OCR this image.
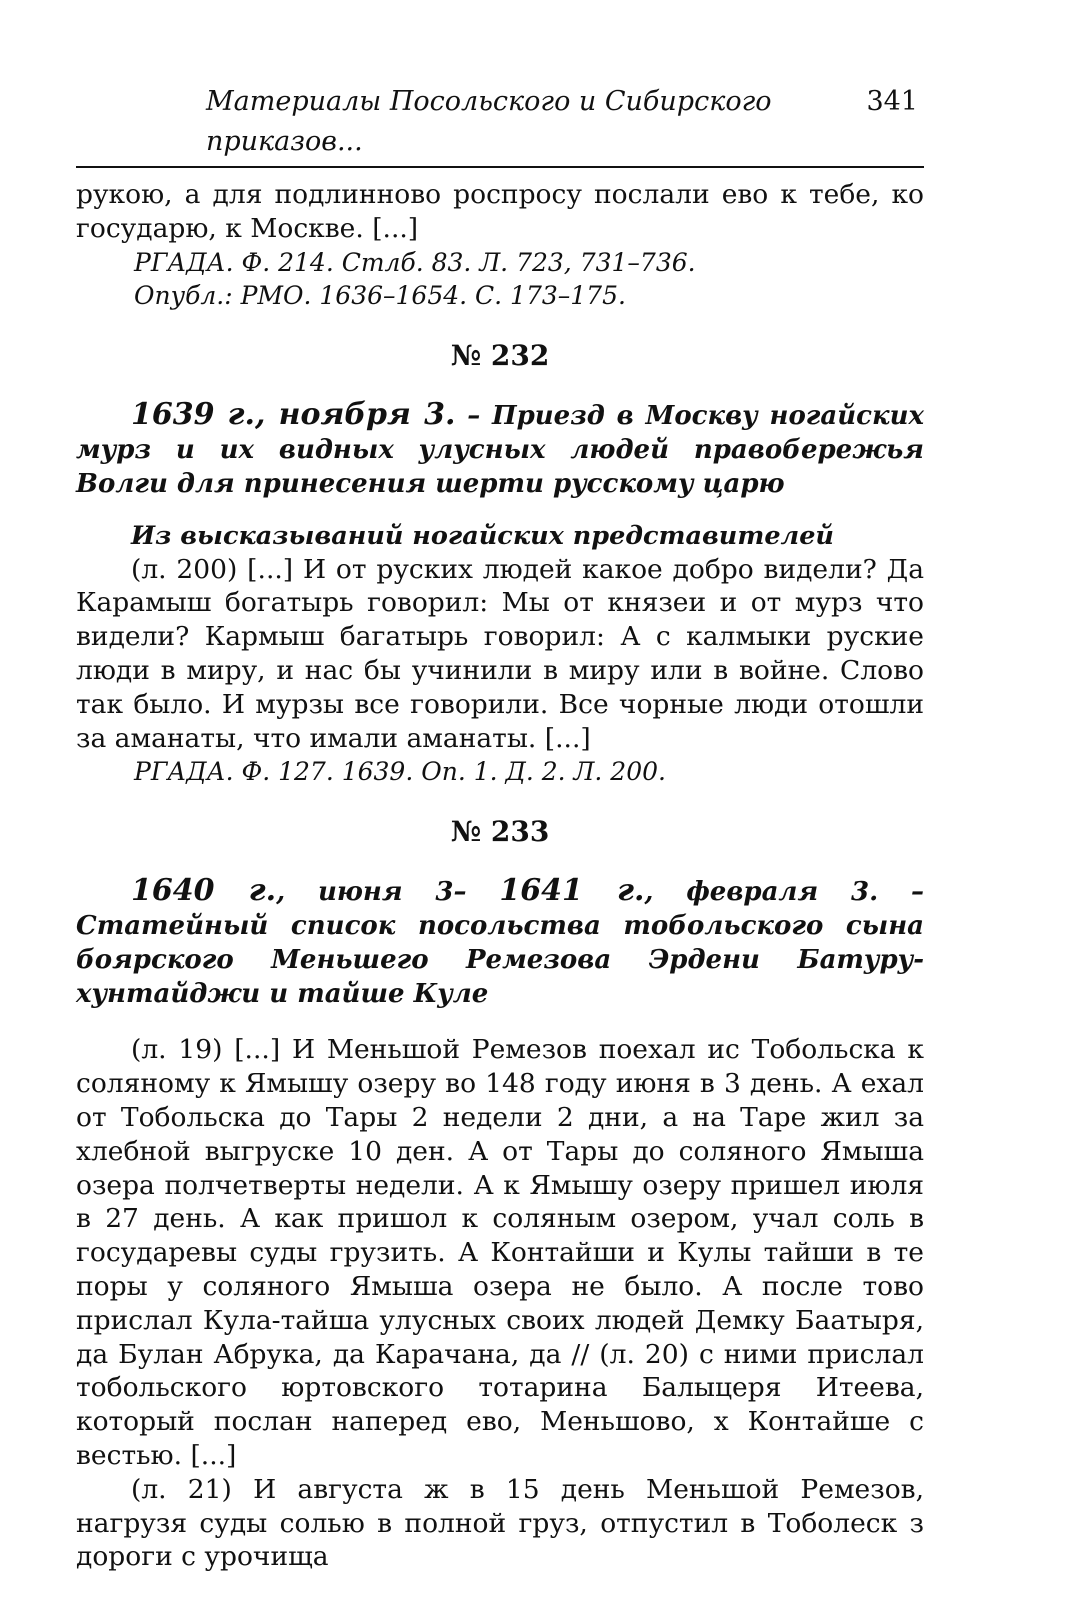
Материалы Посольского и Сибирского приказов...
341

рукою, а для подлинново роспросу послали ево к тебе, ко государю, к Москве. [...]

РГАДА. Ф. 214. Стлб. 83. Л. 723, 731–736.

Опубл.: РМО. 1636–1654. С. 173–175.

№ 232

1639 г., ноября 3. – Приезд в Москву ногайских мурз и их видных улусных людей правобережья Волги для принесения шерти русскому царю

Из высказываний ногайских представителей

(л. 200) [...] И от руских людей какое добро видели? Да Карамыш богатырь говорил: Мы от князеи и от мурз что видели? Кармыш багатырь говорил: А с калмыки руские люди в миру, и нас бы учинили в миру или в войне. Слово так было. И мурзы все говорили. Все чорные люди отошли за аманаты, что имали аманаты. [...]

РГАДА. Ф. 127. 1639. Оп. 1. Д. 2. Л. 200.

№ 233

1640 г., июня 3– 1641 г., февраля 3. – Статейный список посольства тобольского сына боярского Меньшего Ремезова Эрдени Батуру-хунтайджи и тайше Куле

(л. 19) [...] И Меньшой Ремезов поехал ис Тобольска к соляному к Ямышу озеру во 148 году июня в 3 день. А ехал от Тобольска до Тары 2 недели 2 дни, а на Таре жил за хлебной выгруске 10 ден. А от Тары до соляного Ямыша озера полчетверты недели. А к Ямышу озеру пришел июля в 27 день. А как пришол к соляным озером, учал соль в государевы суды грузить. А Контайши и Кулы тайши в те поры у соляного Ямыша озера не было. А после тово прислал Кула-тайша улусных своих людей Демку Баатыря, да Булан Абрука, да Карачана, да // (л. 20) с ними прислал тобольского юртовского тотарина Балыцеря Итеева, который послан наперед ево, Меньшово, х Контайше с вестью. [...]

(л. 21) И августа ж в 15 день Меньшой Ремезов, нагрузя суды солью в полной груз, отпустил в Тоболеск з дороги с урочища
